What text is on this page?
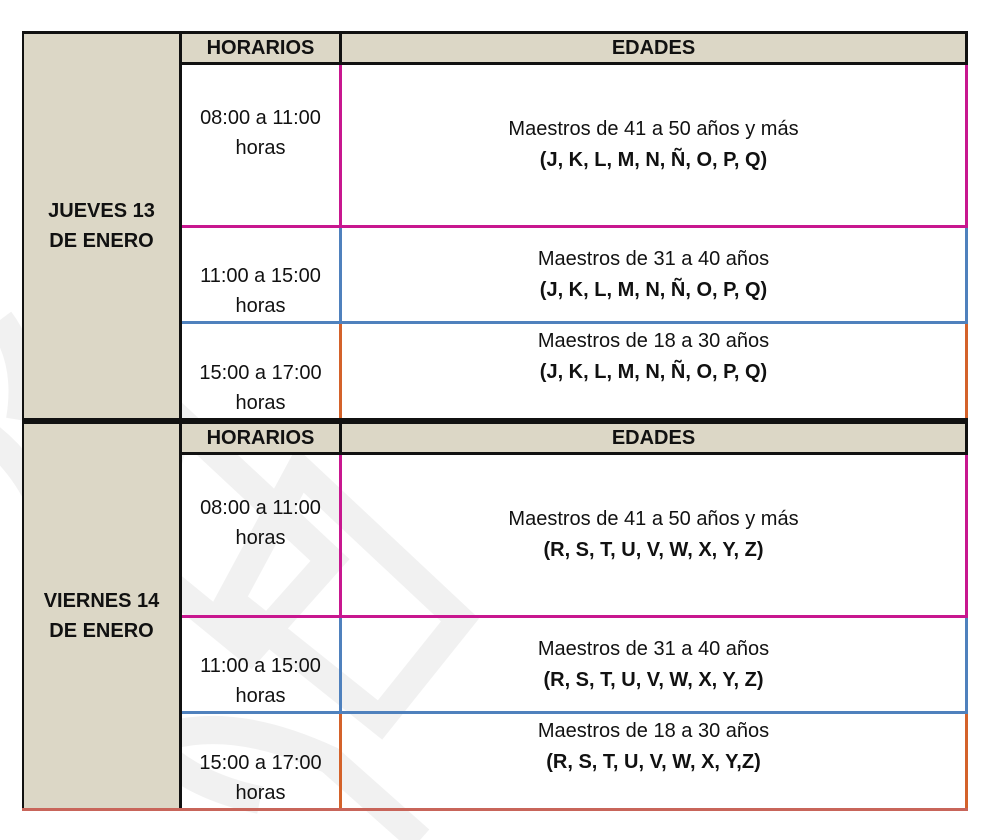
JUEVES 13
DE ENERO
HORARIOS	EDADES
08:00 a 11:00
horas
Maestros de 41 a 50 años y más
(J, K, L, M, N, Ñ, O, P, Q)
11:00 a 15:00
horas
Maestros de 31 a 40 años
(J, K, L, M, N, Ñ, O, P, Q)
15:00 a 17:00
horas
Maestros de 18 a 30 años
(J, K, L, M, N, Ñ, O, P, Q)
VIERNES 14
DE ENERO
HORARIOS	EDADES
08:00 a 11:00
horas
Maestros de 41 a 50 años y más
(R, S, T, U, V, W, X, Y, Z)
11:00 a 15:00
horas
Maestros de 31 a 40 años
(R, S, T, U, V, W, X, Y, Z)
15:00 a 17:00
horas
Maestros de 18 a 30 años
(R, S, T, U, V, W, X, Y,Z)
